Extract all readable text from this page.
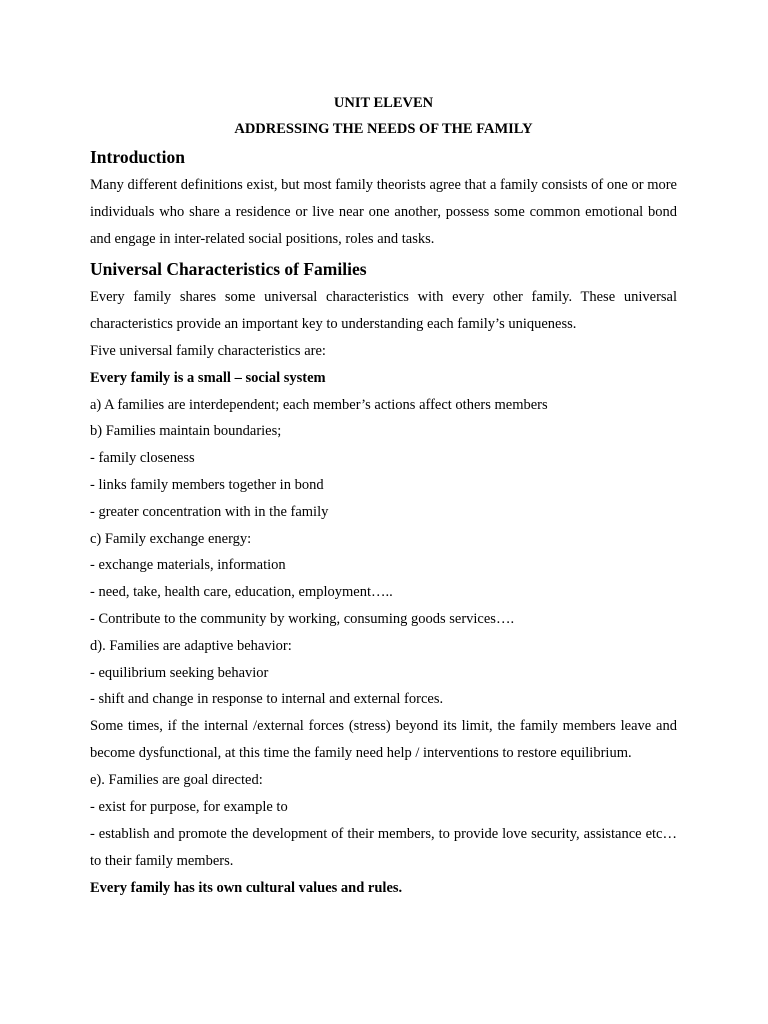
UNIT ELEVEN
ADDRESSING THE NEEDS OF THE FAMILY
Introduction

Many different definitions exist, but most family theorists agree that a family consists of one or more individuals who share a residence or live near one another, possess some common emotional bond and engage in inter-related social positions, roles and tasks.

Universal Characteristics of Families

Every family shares some universal characteristics with every other family. These universal characteristics provide an important key to understanding each family’s uniqueness.

Five universal family characteristics are:
Every family is a small – social system
a) A families are interdependent; each member’s actions affect others members
b) Families maintain boundaries;
- family closeness
- links family members together in bond
- greater concentration with in the family
c) Family exchange energy:
- exchange materials, information
- need, take, health care, education, employment…..
- Contribute to the community by working, consuming goods services….
d). Families are adaptive behavior:
- equilibrium seeking behavior
- shift and change in response to internal and external forces.

Some times, if the internal /external forces (stress) beyond its limit, the family members leave and become dysfunctional, at this time the family need help / interventions to restore equilibrium.

e). Families are goal directed:
- exist for purpose, for example to

- establish and promote the development of their members, to provide love security, assistance etc… to their family members.

Every family has its own cultural values and rules.
